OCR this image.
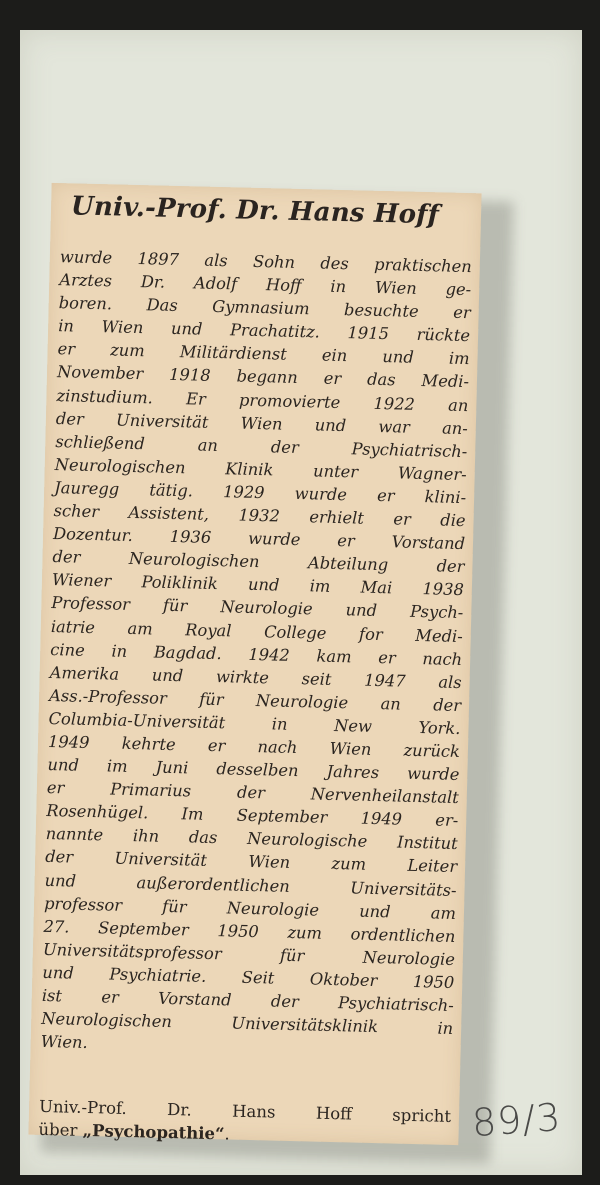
Univ.-Prof. Dr. Hans Hoff
wurde 1897 als Sohn des praktischen
Arztes Dr. Adolf Hoff in Wien ge-
boren. Das Gymnasium besuchte er
in Wien und Prachatitz. 1915 rückte
er zum Militärdienst ein und im
November 1918 begann er das Medi-
zinstudium. Er promovierte 1922 an
der Universität Wien und war an-
schließend an der Psychiatrisch-
Neurologischen Klinik unter Wagner-
Jauregg tätig. 1929 wurde er klini-
scher Assistent, 1932 erhielt er die
Dozentur. 1936 wurde er Vorstand
der Neurologischen Abteilung der
Wiener Poliklinik und im Mai 1938
Professor für Neurologie und Psych-
iatrie am Royal College for Medi-
cine in Bagdad. 1942 kam er nach
Amerika und wirkte seit 1947 als
Ass.-Professor für Neurologie an der
Columbia-Universität in New York.
1949 kehrte er nach Wien zurück
und im Juni desselben Jahres wurde
er Primarius der Nervenheilanstalt
Rosenhügel. Im September 1949 er-
nannte ihn das Neurologische Institut
der Universität Wien zum Leiter
und außerordentlichen Universitäts-
professor für Neurologie und am
27. September 1950 zum ordentlichen
Universitätsprofessor für Neurologie
und Psychiatrie. Seit Oktober 1950
ist er Vorstand der Psychiatrisch-
Neurologischen Universitätsklinik in
Wien.
Univ.-Prof. Dr. Hans Hoff spricht
über „Psychopathie“.	89/3
